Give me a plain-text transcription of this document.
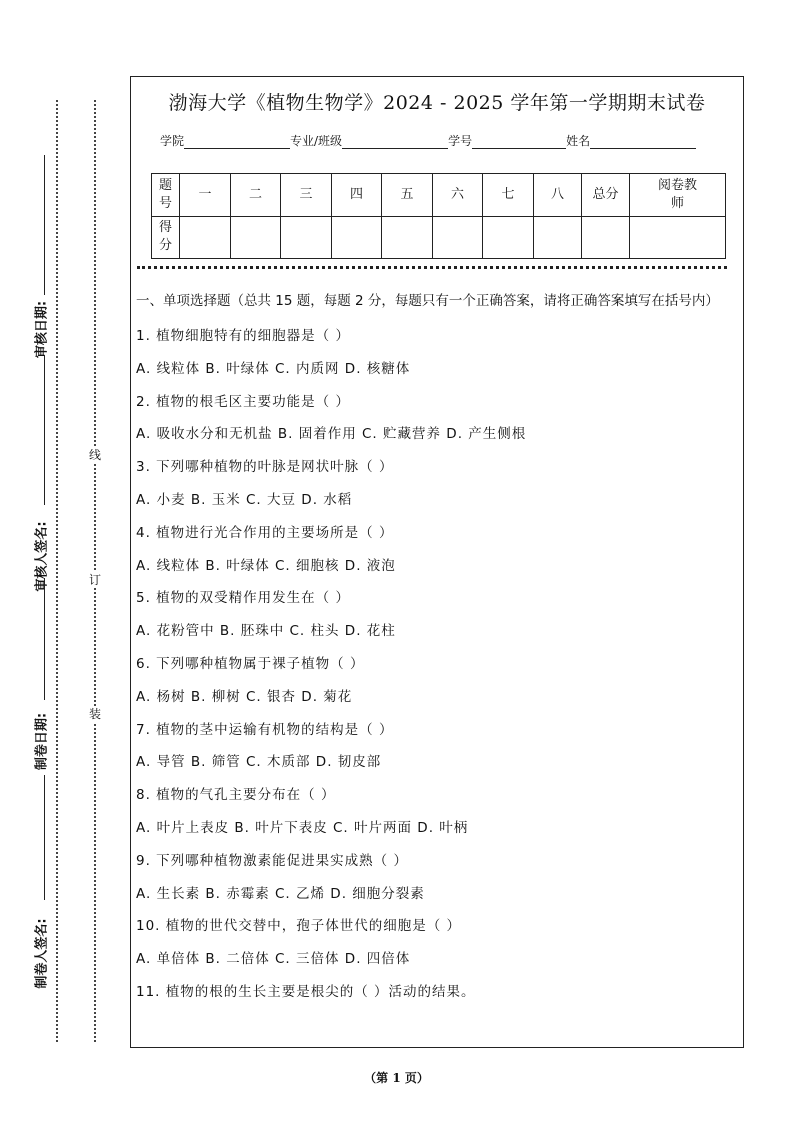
审核日期:
审核人签名:
制卷日期:
制卷人签名:
线
订
装
渤海大学《植物生物学》2024 - 2025 学年第一学期期末试卷
学院	专业/班级	学号	姓名
题号	一	二	三	四	五	六	七	八	总分	阅卷教师
得分										
一、单项选择题（总共 15 题，每题 2 分，每题只有一个正确答案，请将正确答案填写在括号内）
1. 植物细胞特有的细胞器是（ ）
A. 线粒体 B. 叶绿体 C. 内质网 D. 核糖体
2. 植物的根毛区主要功能是（ ）
A. 吸收水分和无机盐 B. 固着作用 C. 贮藏营养 D. 产生侧根
3. 下列哪种植物的叶脉是网状叶脉（ ）
A. 小麦 B. 玉米 C. 大豆 D. 水稻
4. 植物进行光合作用的主要场所是（ ）
A. 线粒体 B. 叶绿体 C. 细胞核 D. 液泡
5. 植物的双受精作用发生在（ ）
A. 花粉管中 B. 胚珠中 C. 柱头 D. 花柱
6. 下列哪种植物属于裸子植物（ ）
A. 杨树 B. 柳树 C. 银杏 D. 菊花
7. 植物的茎中运输有机物的结构是（ ）
A. 导管 B. 筛管 C. 木质部 D. 韧皮部
8. 植物的气孔主要分布在（ ）
A. 叶片上表皮 B. 叶片下表皮 C. 叶片两面 D. 叶柄
9. 下列哪种植物激素能促进果实成熟（ ）
A. 生长素 B. 赤霉素 C. 乙烯 D. 细胞分裂素
10. 植物的世代交替中，孢子体世代的细胞是（ ）
A. 单倍体 B. 二倍体 C. 三倍体 D. 四倍体
11. 植物的根的生长主要是根尖的（ ）活动的结果。
（第 1 页）
